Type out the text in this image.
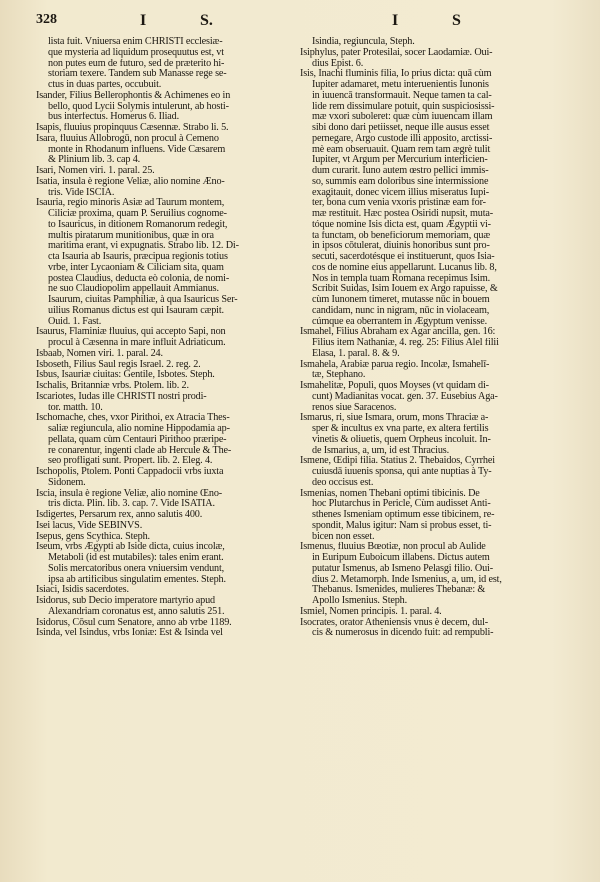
328	I	S.	I	S

lista fuit. Vniuersa enim CHRISTI ecclesiæ-

que mysteria ad liquidum prosequutus est, vt

non putes eum de futuro, sed de præterito hi-

storiam texere. Tandem sub Manasse rege se-

ctus in duas partes, occubuit.

Isander, Filius Bellerophontis & Achimenes eo in

bello, quod Lycii Solymis intulerunt, ab hosti-

bus interfectus. Homerus 6. Iliad.

Isapis, fluuius propinquus Cæsennæ. Strabo li. 5.

Isara, fluuius Allobrogū, non procul à Cemeno

monte in Rhodanum influens. Vide Cæsarem

& Plinium lib. 3. cap 4.

Isari, Nomen viri. 1. paral. 25.

Isatia, insula è regione Veliæ, alio nomine Æno-

tris. Vide ISCIA.

Isauria, regio minoris Asiæ ad Taurum montem,

Ciliciæ proxima, quam P. Seruilius cognome-

to Isauricus, in ditionem Romanorum redegit,

multis piratarum munitionibus, quæ in ora

maritima erant, vi expugnatis. Strabo lib. 12. Di-

cta Isauria ab Isauris, præcipua regionis totius

vrbe, inter Lycaoniam & Ciliciam sita, quam

postea Claudius, deducta eò colonia, de nomi-

ne suo Claudiopolim appellauit Ammianus.

Isaurum, ciuitas Pamphiliæ, à qua Isauricus Ser-

uilius Romanus dictus est qui Isauram cæpit.

Ouid. 1. Fast.

Isaurus, Flaminiæ fluuius, qui accepto Sapi, non

procul à Cæsenna in mare influit Adriaticum.

Isbaab, Nomen viri. 1. paral. 24.

Isboseth, Filius Saul regis Israel. 2. reg. 2.

Isbus, Isauriæ ciuitas: Gentile, Isbotes. Steph.

Ischalis, Britanniæ vrbs. Ptolem. lib. 2.

Iscariotes, Iudas ille CHRISTI nostri prodi-

tor. matth. 10.

Ischomache, ches, vxor Pirithoi, ex Atracia Thes-

saliæ regiuncula, alio nomine Hippodamia ap-

pellata, quam cùm Centauri Pirithoo præripe-

re conarentur, ingenti clade ab Hercule & The-

seo profligati sunt. Propert. lib. 2. Eleg. 4.

Ischopolis, Ptolem. Ponti Cappadocii vrbs iuxta

Sidonem.

Iscia, insula è regione Veliæ, alio nomine Œno-

tris dicta. Plin. lib. 3. cap. 7. Vide ISATIA.

Isdigertes, Persarum rex, anno salutis 400.

Isei lacus, Vide SEBINVS.

Isepus, gens Scythica. Steph.

Iseum, vrbs Ægypti ab Iside dicta, cuius incolæ,

Metaboli (id est mutabiles): tales enim erant.

Solis mercatoribus onera vniuersim vendunt,

ipsa ab artificibus singulatim ementes. Steph.

Isiaci, Isidis sacerdotes.

Isidorus, sub Decio imperatore martyrio apud

Alexandriam coronatus est, anno salutis 251.

Isidorus, Cōsul cum Senatore, anno ab vrbe 1189.

Isinda, vel Isindus, vrbs Ioniæ: Est & Isinda vel

Isindia, regiuncula, Steph.

Isiphylus, pater Protesilai, socer Laodamiæ. Oui-

dius Epist. 6.

Isis, Inachi fluminis filia, Io prius dicta: quā cùm

Iupiter adamaret, metu interuenientis Iunonis

in iuuencā transformauit. Neque tamen ta cal-

lide rem dissimulare potuit, quin suspiciosissi-

mæ vxori suboleret: quæ cùm iuuencam illam

sibi dono dari petiisset, neque ille ausus esset

pernegare, Argo custode illi apposito, arctissi-

mè eam obseruauit. Quam rem tam ægrè tulit

Iupiter, vt Argum per Mercurium interficien-

dum curarit. Iuno autem œstro pellici immis-

so, summis eam doloribus sine intermissione

exagitauit, donec vicem illius miseratus Iupi-

ter, bona cum venia vxoris pristinæ eam for-

mæ restituit. Hæc postea Osiridi nupsit, muta-

tóque nomine Isis dicta est, quam Ægyptii vi-

ta functam, ob beneficiorum memoriam, quæ

in ipsos cōtulerat, diuinis honoribus sunt pro-

secuti, sacerdotésque ei instituerunt, quos Isia-

cos de nomine eius appellarunt. Lucanus lib. 8,

Nos in templa tuam Romana recepimus Isim.

Scribit Suidas, Isim Iouem ex Argo rapuisse, &

cùm Iunonem timeret, mutasse nūc in bouem

candidam, nunc in nigram, nūc in violaceam,

cúmque ea oberrantem in Ægyptum venisse.

Ismahel, Filius Abraham ex Agar ancilla, gen. 16:

Filius item Nathaniæ, 4. reg. 25: Filius Alel filii

Elasa, 1. paral. 8. & 9.

Ismahela, Arabiæ parua regio. Incolæ, Ismahelī-

tæ, Stephano.

Ismahelitæ, Populi, quos Moyses (vt quidam di-

cunt) Madianitas vocat. gen. 37. Eusebius Aga-

renos siue Saracenos.

Ismarus, ri, siue Ismara, orum, mons Thraciæ a-

sper & incultus ex vna parte, ex altera fertilis

vinetis & oliuetis, quem Orpheus incoluit. In-

de Ismarius, a, um, id est Thracius.

Ismene, Œdipi filia. Statius 2. Thebaidos, Cyrrhei

cuiusdā iuuenis sponsa, qui ante nuptias à Ty-

deo occisus est.

Ismenias, nomen Thebani optimi tibicinis. De

hoc Plutarchus in Pericle, Cùm audisset Anti-

sthenes Ismeniam optimum esse tibicinem, re-

spondit, Malus igitur: Nam si probus esset, ti-

bicen non esset.

Ismenus, fluuius Bœotiæ, non procul ab Aulide

in Euripum Euboicum illabens. Dictus autem

putatur Ismenus, ab Ismeno Pelasgi filio. Oui-

dius 2. Metamorph. Inde Ismenius, a, um, id est,

Thebanus. Ismenides, mulieres Thebanæ: &

Apollo Ismenius. Steph.

Ismiel, Nomen principis. 1. paral. 4.

Isocrates, orator Atheniensis vnus è decem, dul-

cis & numerosus in dicendo fuit: ad rempubli-
